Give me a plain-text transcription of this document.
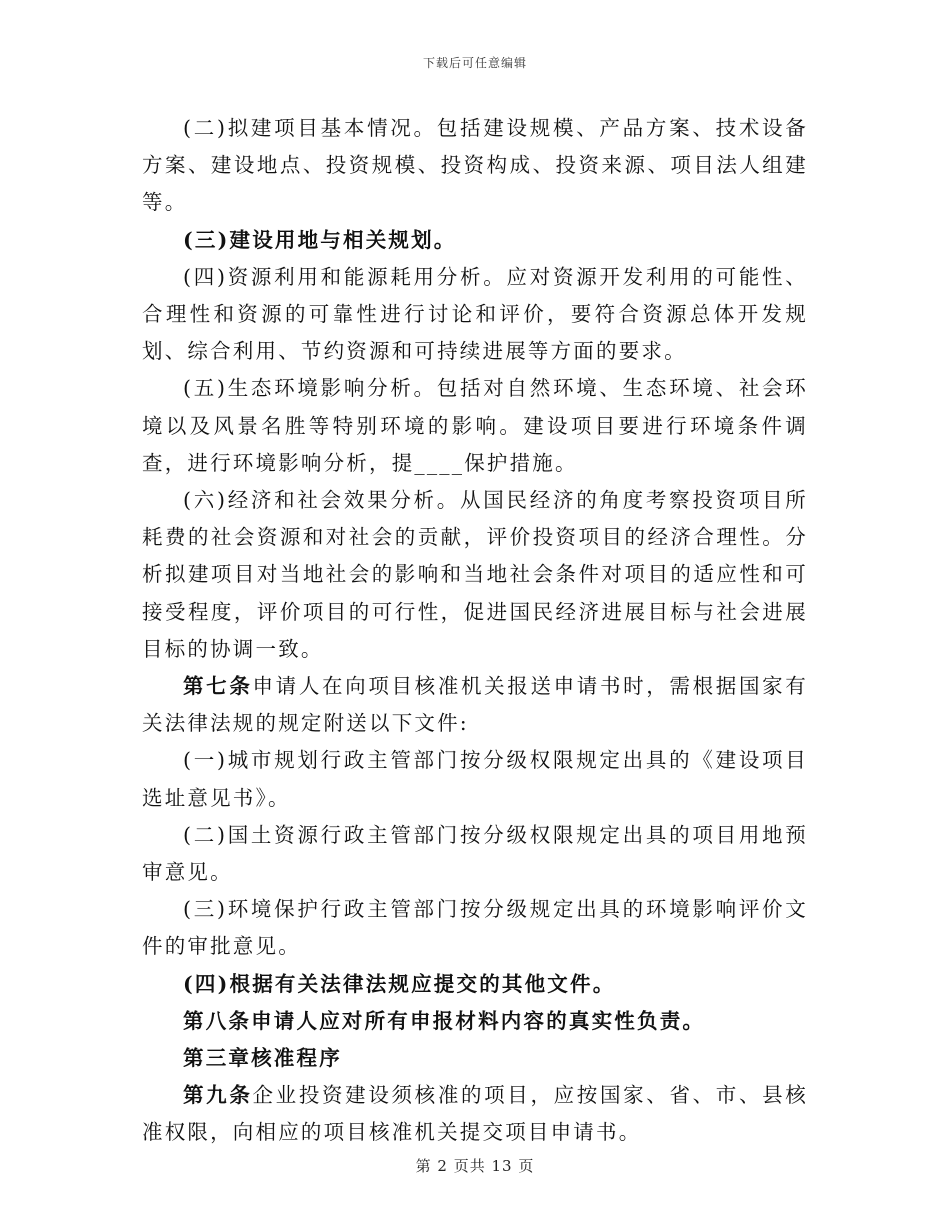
下载后可任意编辑

(二)拟建项目基本情况。包括建设规模、产品方案、技术设备方案、建设地点、投资规模、投资构成、投资来源、项目法人组建等。

(三)建设用地与相关规划。

(四)资源利用和能源耗用分析。应对资源开发利用的可能性、合理性和资源的可靠性进行讨论和评价，要符合资源总体开发规划、综合利用、节约资源和可持续进展等方面的要求。

(五)生态环境影响分析。包括对自然环境、生态环境、社会环境以及风景名胜等特别环境的影响。建设项目要进行环境条件调查，进行环境影响分析，提____保护措施。

(六)经济和社会效果分析。从国民经济的角度考察投资项目所耗费的社会资源和对社会的贡献，评价投资项目的经济合理性。分析拟建项目对当地社会的影响和当地社会条件对项目的适应性和可接受程度，评价项目的可行性，促进国民经济进展目标与社会进展目标的协调一致。

第七条申请人在向项目核准机关报送申请书时，需根据国家有关法律法规的规定附送以下文件:

(一)城市规划行政主管部门按分级权限规定出具的《建设项目选址意见书》。

(二)国土资源行政主管部门按分级权限规定出具的项目用地预审意见。

(三)环境保护行政主管部门按分级规定出具的环境影响评价文件的审批意见。

(四)根据有关法律法规应提交的其他文件。

第八条申请人应对所有申报材料内容的真实性负责。

第三章核准程序

第九条企业投资建设须核准的项目，应按国家、省、市、县核准权限，向相应的项目核准机关提交项目申请书。

第 2 页共 13 页
